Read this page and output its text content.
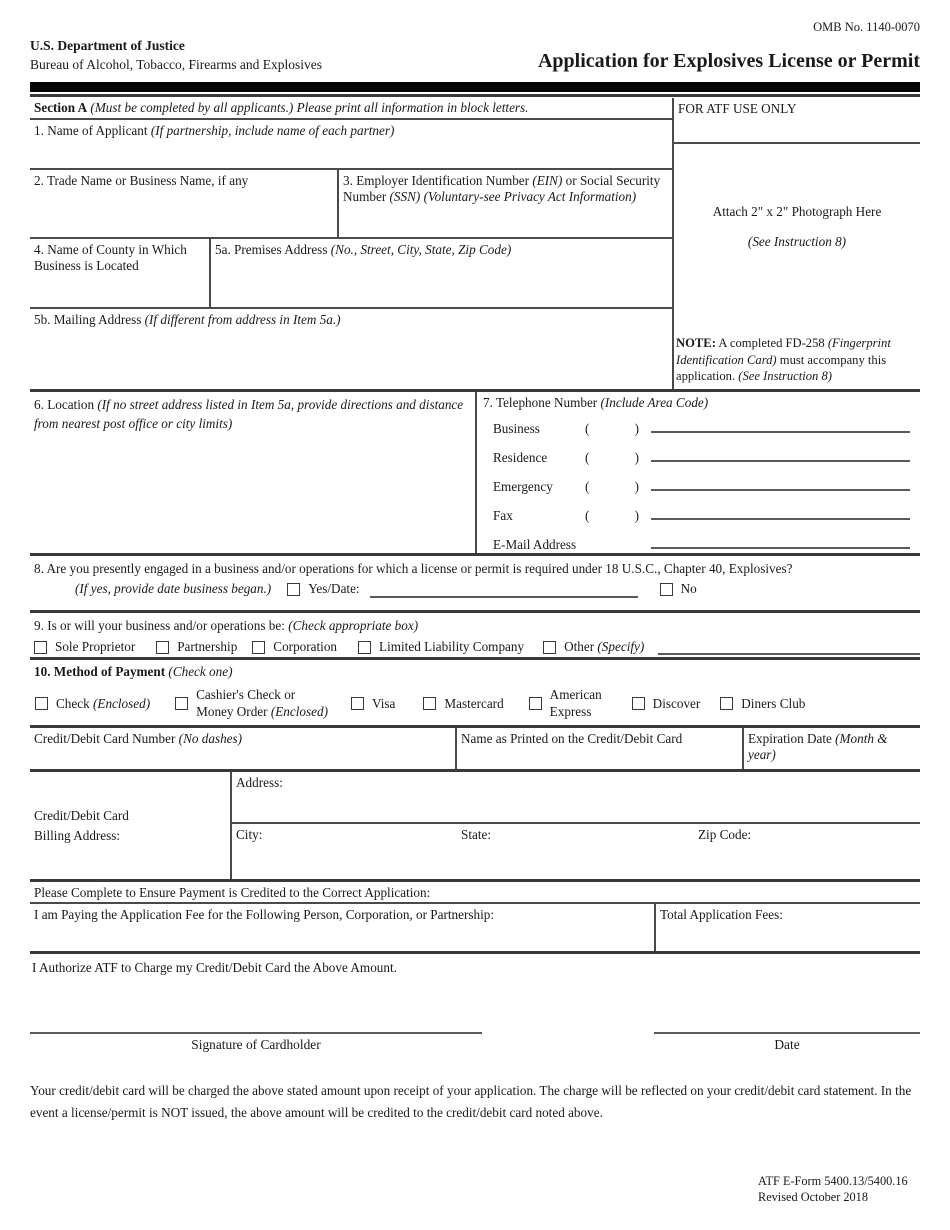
OMB No. 1140-0070
U.S. Department of Justice
Bureau of Alcohol, Tobacco, Firearms and Explosives	Application for Explosives License or Permit
Section A (Must be completed by all applicants.) Please print all information in block letters.
1. Name of Applicant (If partnership, include name of each partner)
2. Trade Name or Business Name, if any	3. Employer Identification Number (EIN) or Social Security Number (SSN) (Voluntary-see Privacy Act Information)
4. Name of County in Which Business is Located
5a. Premises Address (No., Street, City, State, Zip Code)
5b. Mailing Address (If different from address in Item 5a.)
FOR ATF USE ONLY
Attach 2" x 2" Photograph Here
(See Instruction 8)
NOTE: A completed FD-258 (Fingerprint Identification Card) must accompany this application. (See Instruction 8)
6. Location (If no street address listed in Item 5a, provide directions and distance from nearest post office or city limits)
7. Telephone Number (Include Area Code)
Business	(	)
Residence	(	)
Emergency	(	)
Fax	(	)
E-Mail Address
8. Are you presently engaged in a business and/or operations for which a license or permit is required under 18 U.S.C., Chapter 40, Explosives?
(If yes, provide date business began.)	Yes/Date:	No
9. Is or will your business and/or operations be: (Check appropriate box)
Sole Proprietor	Partnership	Corporation	Limited Liability Company	Other
(Specify)
10. Method of Payment (Check one)
Check
(Enclosed)
Cashier's Check or
Money Order (Enclosed)
Visa	Mastercard
American
Express
Discover	Diners Club
Credit/Debit Card Number (No dashes)	Name as Printed on the Credit/Debit Card	Expiration Date (Month & year)
Credit/Debit Card
Billing Address:
Address:
City:	State:	Zip Code:
Please Complete to Ensure Payment is Credited to the Correct Application:
I am Paying the Application Fee for the Following Person, Corporation, or Partnership:	Total Application Fees:
I Authorize ATF to Charge my Credit/Debit Card the Above Amount.
Signature of Cardholder	Date
Your credit/debit card will be charged the above stated amount upon receipt of your application. The charge will be reflected on your credit/debit card statement. In the event a license/permit is NOT issued, the above amount will be credited to the credit/debit card noted above.
ATF E-Form 5400.13/5400.16
Revised October 2018
